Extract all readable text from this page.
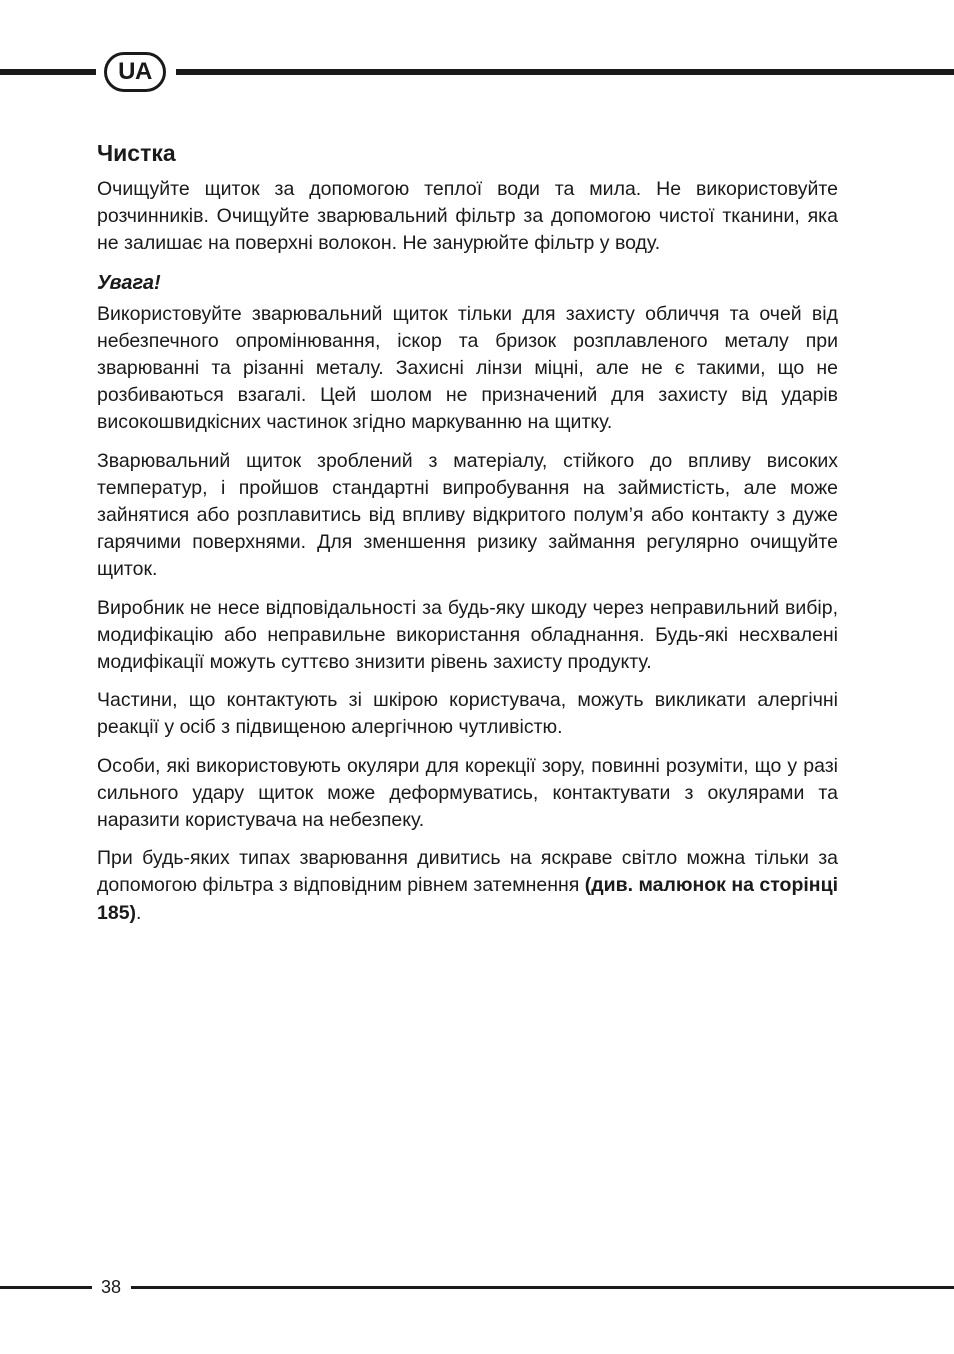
UA
Чистка

Очищуйте щиток за допомогою теплої води та мила. Не використовуйте розчинників. Очищуйте зварювальний фільтр за допомогою чистої тканини, яка не залишає на поверхні волокон. Не занурюйте фільтр у воду.

Увага!

Використовуйте зварювальний щиток тільки для захисту обличчя та очей від небезпечного опромінювання, іскор та бризок розплавленого металу при зварюванні та різанні металу. Захисні лінзи міцні, але не є такими, що не розбиваються взагалі. Цей шолом не призначений для захисту від ударів високошвидкісних частинок згідно маркуванню на щитку.

Зварювальний щиток зроблений з матеріалу, стійкого до впливу високих температур, і пройшов стандартні випробування на займистість, але може зайнятися або розплавитись від впливу відкритого полум’я або контакту з дуже гарячими поверхнями. Для зменшення ризику займання регулярно очищуйте щиток.

Виробник не несе відповідальності за будь-яку шкоду через неправильний вибір, модифікацію або неправильне використання обладнання. Будь-які несхвалені модифікації можуть суттєво знизити рівень захисту продукту.

Частини, що контактують зі шкірою користувача, можуть викликати алергічні реакції у осіб з підвищеною алергічною чутливістю.

Особи, які використовують окуляри для корекції зору, повинні розуміти, що у разі сильного удару щиток може деформуватись, контактувати з окулярами та наразити користувача на небезпеку.

При будь-яких типах зварювання дивитись на яскраве світло можна тільки за допомогою фільтра з відповідним рівнем затемнення (див. малюнок на сторінці 185).

38
